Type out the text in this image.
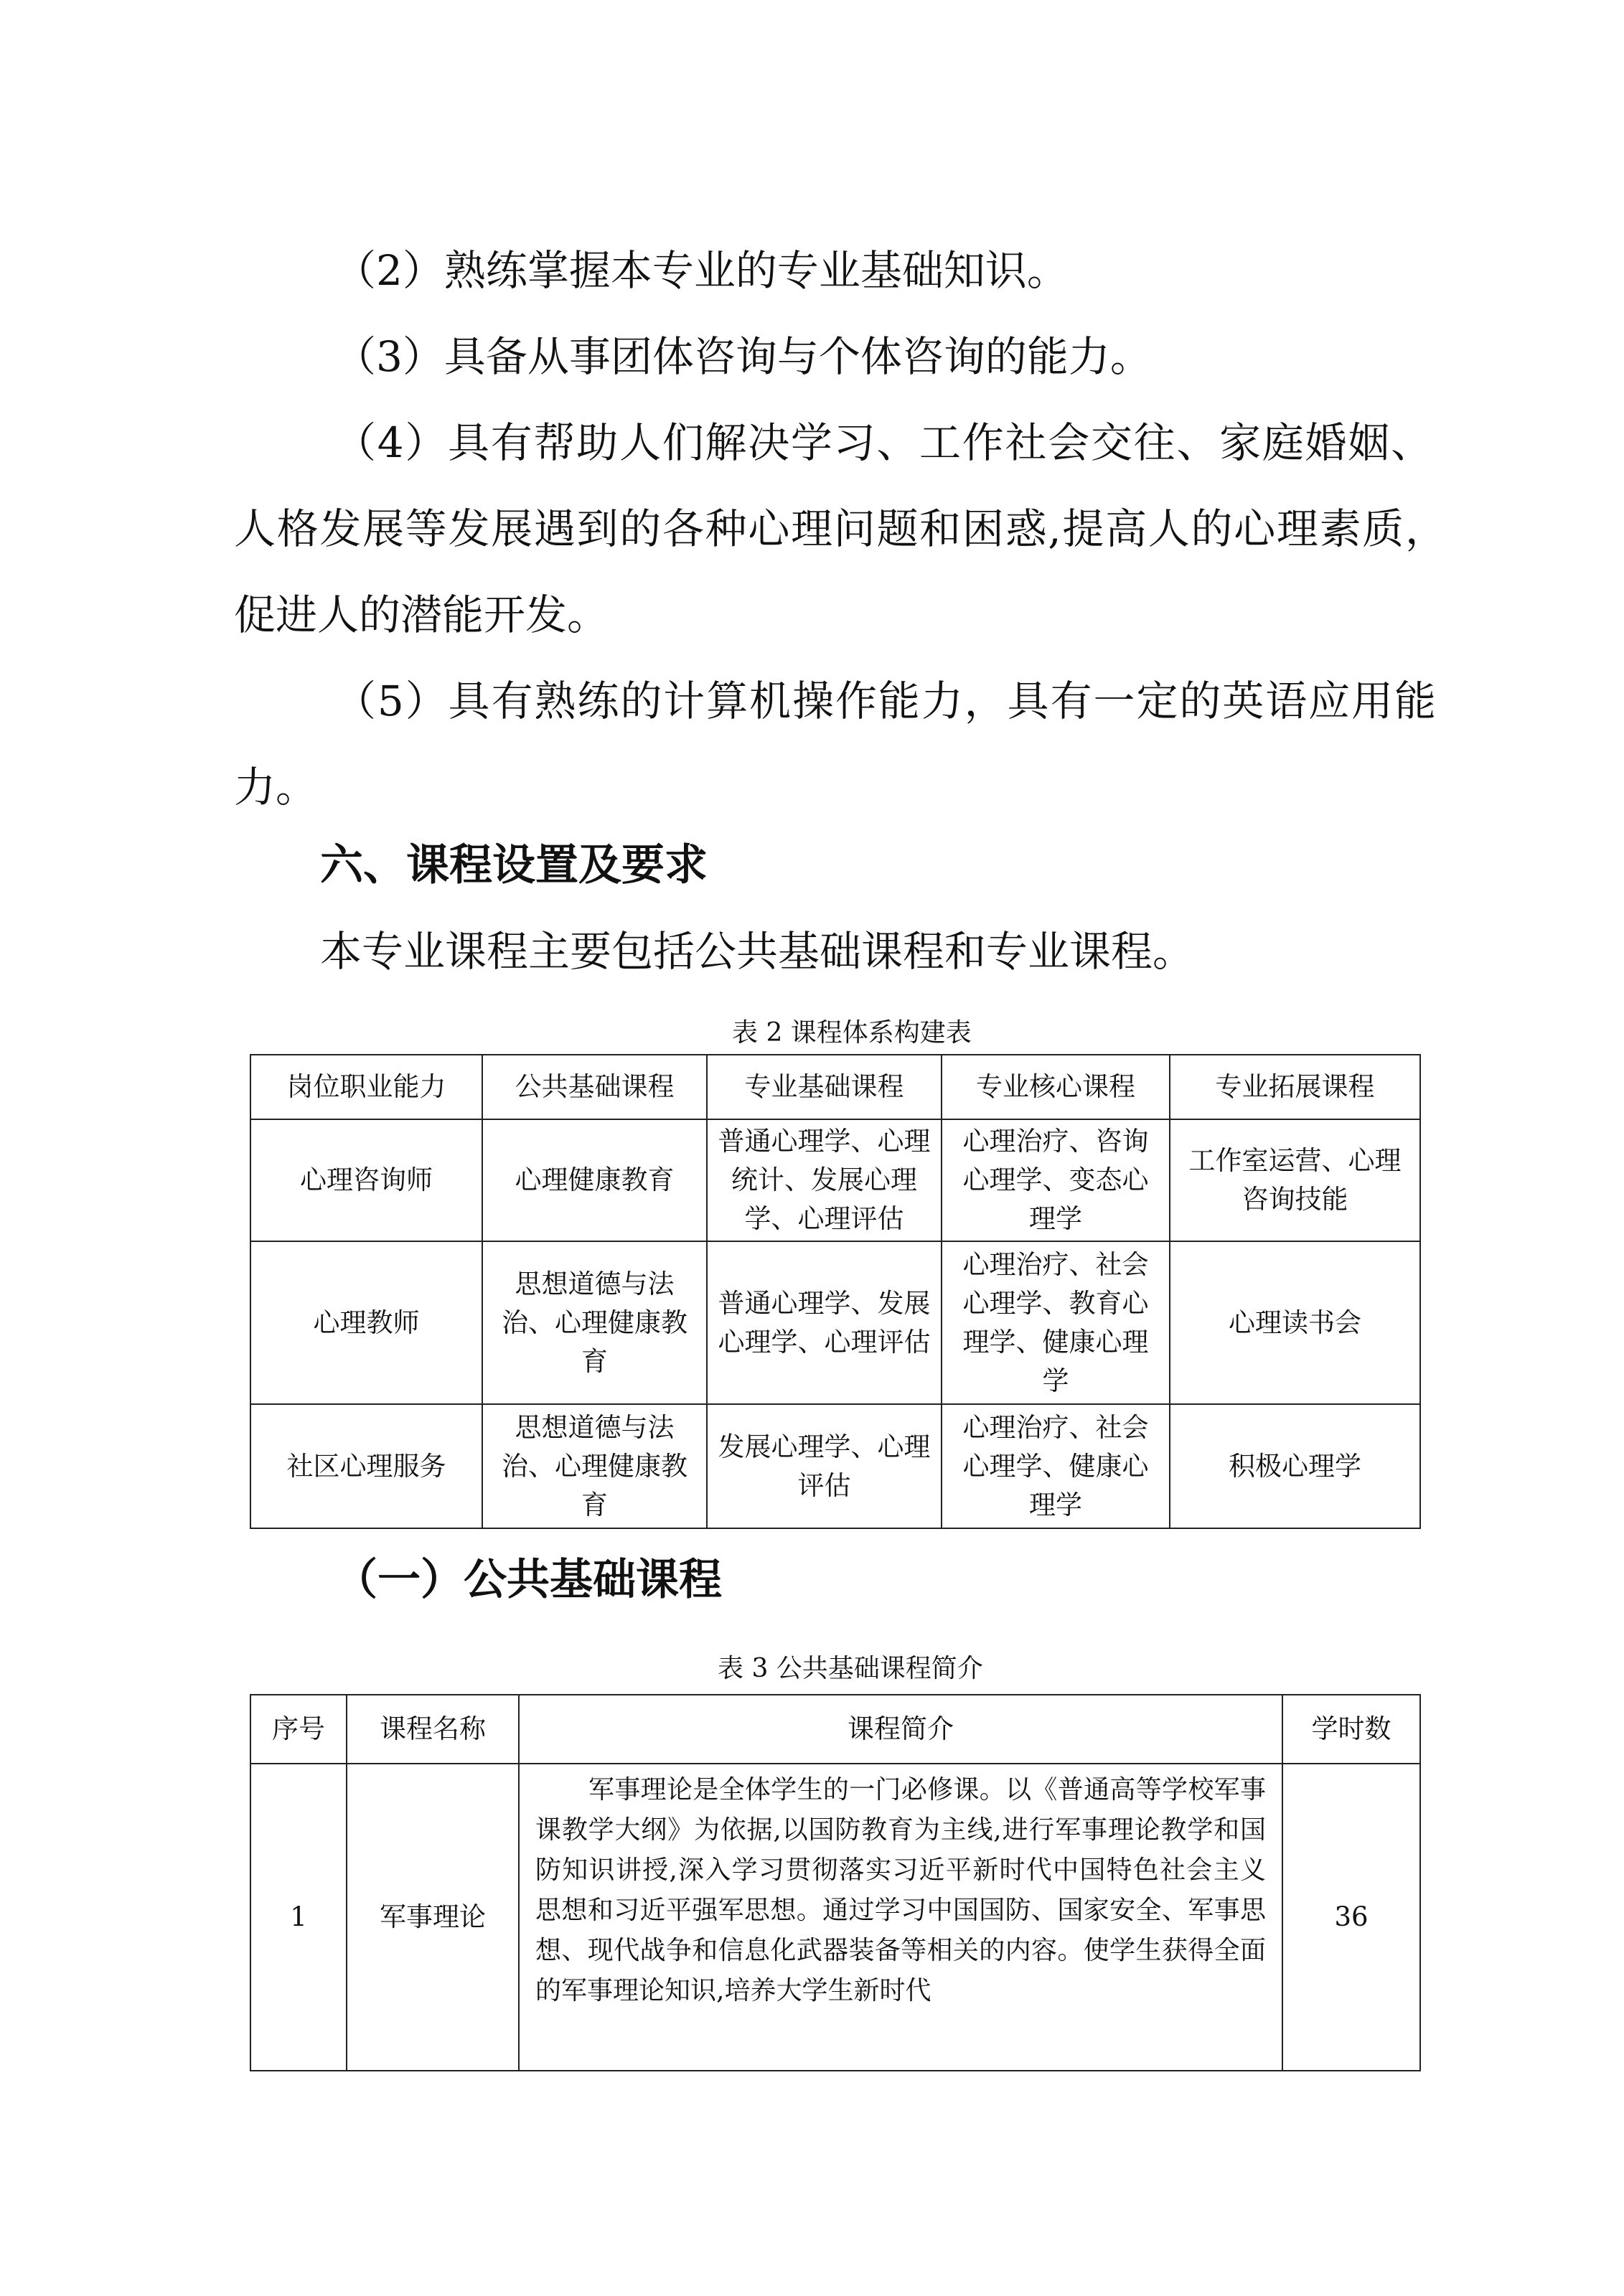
（2）熟练掌握本专业的专业基础知识。
（3）具备从事团体咨询与个体咨询的能力。
（4）具有帮助人们解决学习、工作社会交往、家庭婚姻、
人格发展等发展遇到的各种心理问题和困惑,提高人的心理素质，
促进人的潜能开发。
（5）具有熟练的计算机操作能力，具有一定的英语应用能
力。
六、课程设置及要求
本专业课程主要包括公共基础课程和专业课程。
表 2 课程体系构建表
岗位职业能力	公共基础课程	专业基础课程	专业核心课程	专业拓展课程
心理咨询师	心理健康教育	普通心理学、心理统计、发展心理学、心理评估	心理治疗、咨询心理学、变态心理学	工作室运营、心理咨询技能
心理教师	思想道德与法治、心理健康教育	普通心理学、发展心理学、心理评估	心理治疗、社会心理学、教育心理学、健康心理学	心理读书会
社区心理服务	思想道德与法治、心理健康教育	发展心理学、心理评估	心理治疗、社会心理学、健康心理学	积极心理学
（一）公共基础课程
表 3 公共基础课程简介
序号	课程名称	课程简介	学时数
1	军事理论	军事理论是全体学生的一门必修课。以《普通高等学校军事课教学大纲》为依据,以国防教育为主线,进行军事理论教学和国防知识讲授,深入学习贯彻落实习近平新时代中国特色社会主义思想和习近平强军思想。通过学习中国国防、国家安全、军事思想、现代战争和信息化武器装备等相关的内容。使学生获得全面的军事理论知识,培养大学生新时代	36
